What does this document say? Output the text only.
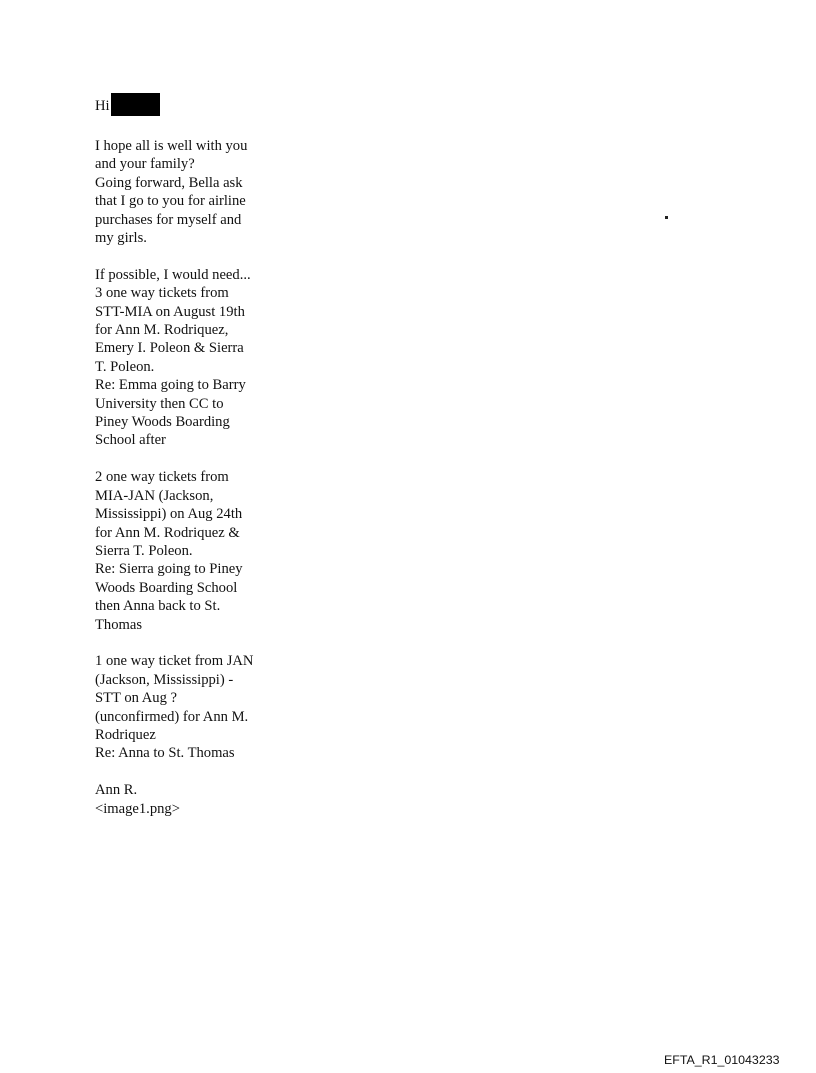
Hi
I hope all is well with you
and your family?
Going forward, Bella ask
that I go to you for airline
purchases for myself and
my girls.
If possible, I would need...
3 one way tickets from
STT-MIA on August 19th
for Ann M. Rodriquez,
Emery I. Poleon & Sierra
T. Poleon.
Re: Emma going to Barry
University then CC to
Piney Woods Boarding
School after
2 one way tickets from
MIA-JAN (Jackson,
Mississippi) on Aug 24th
for Ann M. Rodriquez &
Sierra T. Poleon.
Re: Sierra going to Piney
Woods Boarding School
then Anna back to St.
Thomas
1 one way ticket from JAN
(Jackson, Mississippi) -
STT on Aug ?
(unconfirmed) for Ann M.
Rodriquez
Re: Anna to St. Thomas
Ann R.
<image1.png>
EFTA_R1_01043233
